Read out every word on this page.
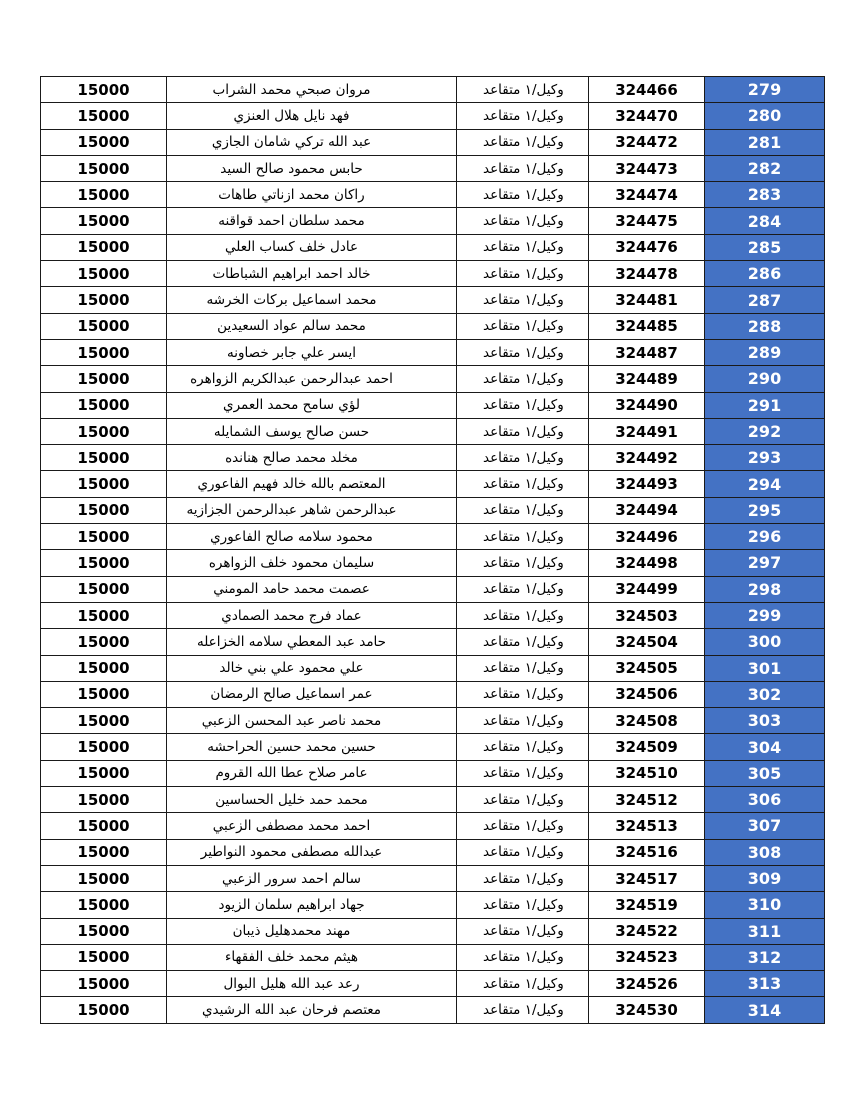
15000	مروان صبحي محمد الشراب	وكيل/١ متقاعد	324466	279
15000	فهد نايل هلال العنزي	وكيل/١ متقاعد	324470	280
15000	عبد الله تركي شامان الجازي	وكيل/١ متقاعد	324472	281
15000	حابس محمود صالح السيد	وكيل/١ متقاعد	324473	282
15000	راكان محمد ازناتي طاهات	وكيل/١ متقاعد	324474	283
15000	محمد سلطان احمد قواقنه	وكيل/١ متقاعد	324475	284
15000	عادل خلف كساب العلي	وكيل/١ متقاعد	324476	285
15000	خالد احمد ابراهيم الشباطات	وكيل/١ متقاعد	324478	286
15000	محمد اسماعيل بركات الخرشه	وكيل/١ متقاعد	324481	287
15000	محمد سالم عواد السعيدين	وكيل/١ متقاعد	324485	288
15000	ايسر علي جابر خصاونه	وكيل/١ متقاعد	324487	289
15000	احمد عبدالرحمن عبدالكريم الزواهره	وكيل/١ متقاعد	324489	290
15000	لؤي سامح محمد العمري	وكيل/١ متقاعد	324490	291
15000	حسن صالح يوسف الشمايله	وكيل/١ متقاعد	324491	292
15000	مخلد محمد صالح هنانده	وكيل/١ متقاعد	324492	293
15000	المعتصم بالله خالد فهيم الفاعوري	وكيل/١ متقاعد	324493	294
15000	عبدالرحمن شاهر عبدالرحمن الجزازيه	وكيل/١ متقاعد	324494	295
15000	محمود سلامه صالح الفاعوري	وكيل/١ متقاعد	324496	296
15000	سليمان محمود خلف الزواهره	وكيل/١ متقاعد	324498	297
15000	عصمت محمد حامد المومني	وكيل/١ متقاعد	324499	298
15000	عماد فرج محمد الصمادي	وكيل/١ متقاعد	324503	299
15000	حامد عبد المعطي سلامه الخزاعله	وكيل/١ متقاعد	324504	300
15000	علي محمود علي بني خالد	وكيل/١ متقاعد	324505	301
15000	عمر اسماعيل صالح الرمضان	وكيل/١ متقاعد	324506	302
15000	محمد ناصر عبد المحسن الزعبي	وكيل/١ متقاعد	324508	303
15000	حسين محمد حسين الحراحشه	وكيل/١ متقاعد	324509	304
15000	عامر صلاح عطا الله القروم	وكيل/١ متقاعد	324510	305
15000	محمد حمد خليل الحساسين	وكيل/١ متقاعد	324512	306
15000	احمد محمد مصطفى الزعبي	وكيل/١ متقاعد	324513	307
15000	عبدالله مصطفى محمود النواطير	وكيل/١ متقاعد	324516	308
15000	سالم احمد سرور الزعبي	وكيل/١ متقاعد	324517	309
15000	جهاد ابراهيم سلمان الزيود	وكيل/١ متقاعد	324519	310
15000	مهند محمدهليل ذيبان	وكيل/١ متقاعد	324522	311
15000	هيثم محمد خلف الفقهاء	وكيل/١ متقاعد	324523	312
15000	رعد عبد الله هليل البوال	وكيل/١ متقاعد	324526	313
15000	معتصم فرحان عبد الله الرشيدي	وكيل/١ متقاعد	324530	314
